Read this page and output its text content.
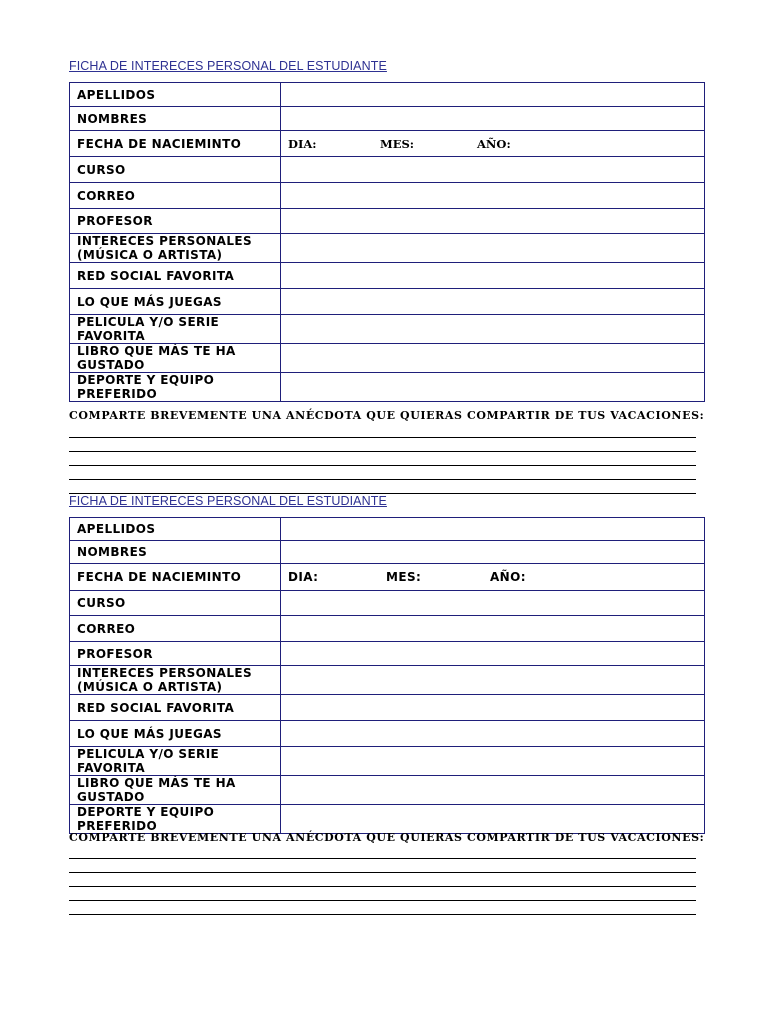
FICHA DE INTERECES PERSONAL DEL ESTUDIANTE
APELLIDOS	
NOMBRES	
FECHA DE NACIEMINTO	DIA: MES: AÑO:
CURSO	
CORREO	
PROFESOR	
INTERECES PERSONALES (MÚSICA O ARTISTA)	
RED SOCIAL FAVORITA	
LO QUE MÁS JUEGAS	
PELICULA Y/O SERIE FAVORITA	
LIBRO QUE MÁS TE HA GUSTADO	
DEPORTE Y EQUIPO PREFERIDO	
COMPARTE BREVEMENTE UNA ANÉCDOTA QUE QUIERAS COMPARTIR DE TUS VACACIONES:
FICHA DE INTERECES PERSONAL DEL ESTUDIANTE
APELLIDOS	
NOMBRES	
FECHA DE NACIEMINTO	DIA: MES: AÑO:
CURSO	
CORREO	
PROFESOR	
INTERECES PERSONALES (MÚSICA O ARTISTA)	
RED SOCIAL FAVORITA	
LO QUE MÁS JUEGAS	
PELICULA Y/O SERIE FAVORITA	
LIBRO QUE MÁS TE HA GUSTADO	
DEPORTE Y EQUIPO PREFERIDO	
COMPARTE BREVEMENTE UNA ANÉCDOTA QUE QUIERAS COMPARTIR DE TUS VACACIONES:
